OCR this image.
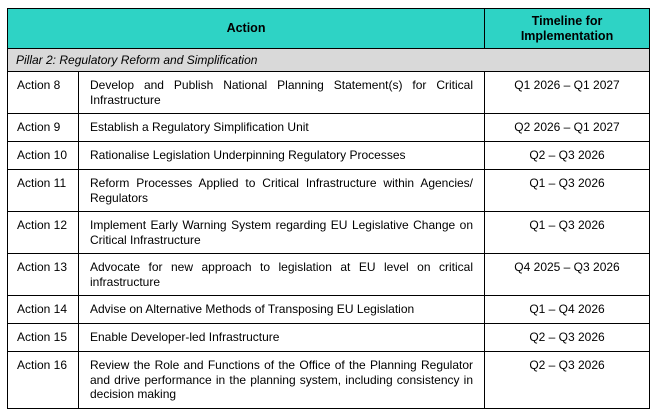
Action		Timeline for Implementation
Pillar 2: Regulatory Reform and Simplification		
Action 8	Develop and Publish National Planning Statement(s) for Critical Infrastructure	Q1 2026 – Q1 2027
Action 9	Establish a Regulatory Simplification Unit	Q2 2026 – Q1 2027
Action 10	Rationalise Legislation Underpinning Regulatory Processes	Q2 – Q3 2026
Action 11	Reform Processes Applied to Critical Infrastructure within Agencies/ Regulators	Q1 – Q3 2026
Action 12	Implement Early Warning System regarding EU Legislative Change on Critical Infrastructure	Q1 – Q3 2026
Action 13	Advocate for new approach to legislation at EU level on critical infrastructure	Q4 2025 – Q3 2026
Action 14	Advise on Alternative Methods of Transposing EU Legislation	Q1 – Q4 2026
Action 15	Enable Developer-led Infrastructure	Q2 – Q3 2026
Action 16	Review the Role and Functions of the Office of the Planning Regulator and drive performance in the planning system, including consistency in decision making	Q2 – Q3 2026
